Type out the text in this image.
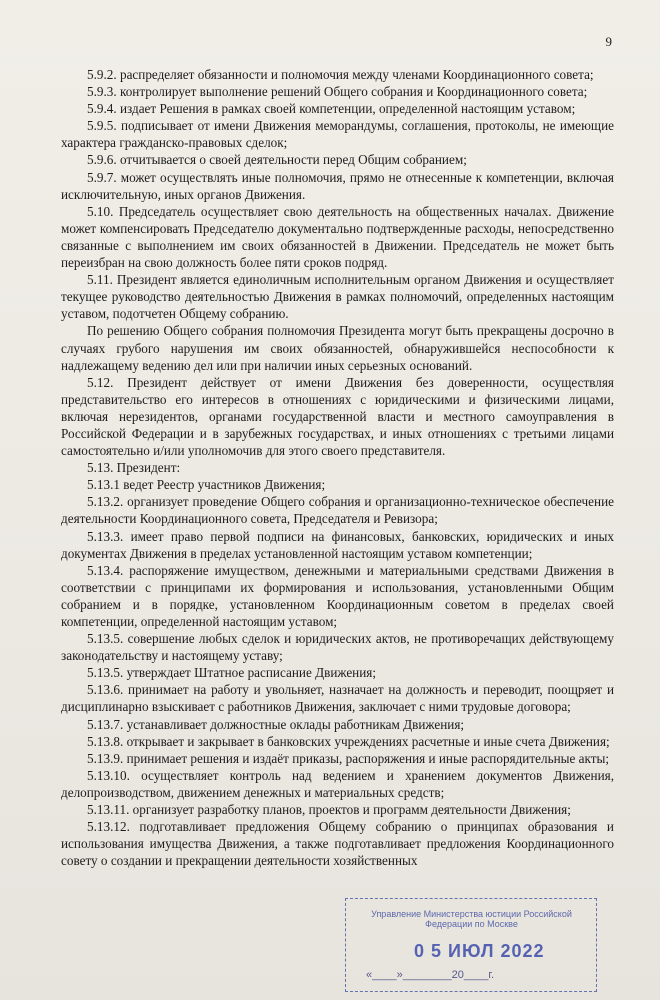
9

5.9.2. распределяет обязанности и полномочия между членами Координационного совета;

5.9.3. контролирует выполнение решений Общего собрания и Координационного совета;

5.9.4. издает Решения в рамках своей компетенции, определенной настоящим уставом;

5.9.5. подписывает от имени Движения меморандумы, соглашения, протоколы, не имеющие характера гражданско-правовых сделок;

5.9.6. отчитывается о своей деятельности перед Общим собранием;

5.9.7. может осуществлять иные полномочия, прямо не отнесенные к компетенции, включая исключительную, иных органов Движения.

5.10. Председатель осуществляет свою деятельность на общественных началах. Движение может компенсировать Председателю документально подтвержденные расходы, непосредственно связанные с выполнением им своих обязанностей в Движении. Председатель не может быть переизбран на свою должность более пяти сроков подряд.

5.11. Президент является единоличным исполнительным органом Движения и осуществляет текущее руководство деятельностью Движения в рамках полномочий, определенных настоящим уставом, подотчетен Общему собранию.

По решению Общего собрания полномочия Президента могут быть прекращены досрочно в случаях грубого нарушения им своих обязанностей, обнаружившейся неспособности к надлежащему ведению дел или при наличии иных серьезных оснований.

5.12. Президент действует от имени Движения без доверенности, осуществляя представительство его интересов в отношениях с юридическими и физическими лицами, включая нерезидентов, органами государственной власти и местного самоуправления в Российской Федерации и в зарубежных государствах, и иных отношениях с третьими лицами самостоятельно и/или уполномочив для этого своего представителя.

5.13. Президент:

5.13.1 ведет Реестр участников Движения;

5.13.2. организует проведение Общего собрания и организационно-техническое обеспечение деятельности Координационного совета, Председателя и Ревизора;

5.13.3. имеет право первой подписи на финансовых, банковских, юридических и иных документах Движения в пределах установленной настоящим уставом компетенции;

5.13.4. распоряжение имуществом, денежными и материальными средствами Движения в соответствии с принципами их формирования и использования, установленными Общим собранием и в порядке, установленном Координационным советом в пределах своей компетенции, определенной настоящим уставом;

5.13.5. совершение любых сделок и юридических актов, не противоречащих действующему законодательству и настоящему уставу;

5.13.5. утверждает Штатное расписание Движения;

5.13.6. принимает на работу и увольняет, назначает на должность и переводит, поощряет и дисциплинарно взыскивает с работников Движения, заключает с ними трудовые договора;

5.13.7. устанавливает должностные оклады работникам Движения;

5.13.8. открывает и закрывает в банковских учреждениях расчетные и иные счета Движения;

5.13.9. принимает решения и издаёт приказы, распоряжения и иные распорядительные акты;

5.13.10. осуществляет контроль над ведением и хранением документов Движения, делопроизводством, движением денежных и материальных средств;

5.13.11. организует разработку планов, проектов и программ деятельности Движения;

5.13.12. подготавливает предложения Общему собранию о принципах образования и использования имущества Движения, а также подготавливает предложения Координационного совету о создании и прекращении деятельности хозяйственных

Управление Министерства юстиции Российской Федерации по Москве
0 5 ИЮЛ 2022
«____»________20____г.
